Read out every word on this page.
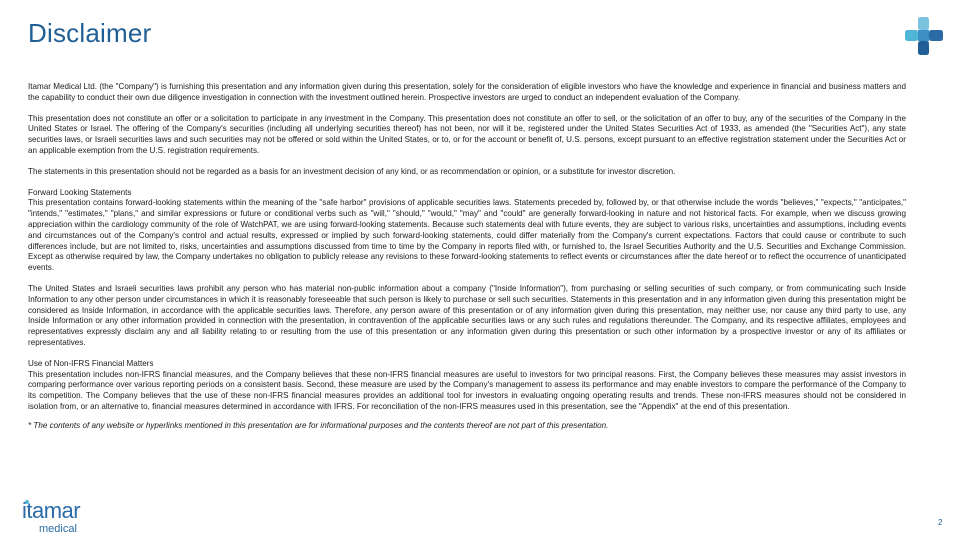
Disclaimer

Itamar Medical Ltd. (the "Company") is furnishing this presentation and any information given during this presentation, solely for the consideration of eligible investors who have the knowledge and experience in financial and business matters and the capability to conduct their own due diligence investigation in connection with the investment outlined herein. Prospective investors are urged to conduct an independent evaluation of the Company.

This presentation does not constitute an offer or a solicitation to participate in any investment in the Company. This presentation does not constitute an offer to sell, or the solicitation of an offer to buy, any of the securities of the Company in the United States or Israel. The offering of the Company's securities (including all underlying securities thereof) has not been, nor will it be, registered under the United States Securities Act of 1933, as amended (the "Securities Act"), any state securities laws, or Israeli securities laws and such securities may not be offered or sold within the United States, or to, or for the account or benefit of, U.S. persons, except pursuant to an effective registration statement under the Securities Act or an applicable exemption from the U.S. registration requirements.

The statements in this presentation should not be regarded as a basis for an investment decision of any kind, or as recommendation or opinion, or a substitute for investor discretion.

Forward Looking Statements

This presentation contains forward-looking statements within the meaning of the "safe harbor" provisions of applicable securities laws. Statements preceded by, followed by, or that otherwise include the words "believes," "expects," "anticipates," "intends," "estimates," "plans," and similar expressions or future or conditional verbs such as "will," "should," "would," "may" and "could" are generally forward-looking in nature and not historical facts. For example, when we discuss growing appreciation within the cardiology community of the role of WatchPAT, we are using forward-looking statements. Because such statements deal with future events, they are subject to various risks, uncertainties and assumptions, including events and circumstances out of the Company's control and actual results, expressed or implied by such forward-looking statements, could differ materially from the Company's current expectations. Factors that could cause or contribute to such differences include, but are not limited to, risks, uncertainties and assumptions discussed from time to time by the Company in reports filed with, or furnished to, the Israel Securities Authority and the U.S. Securities and Exchange Commission. Except as otherwise required by law, the Company undertakes no obligation to publicly release any revisions to these forward-looking statements to reflect events or circumstances after the date hereof or to reflect the occurrence of unanticipated events.

The United States and Israeli securities laws prohibit any person who has material non-public information about a company ("Inside Information"), from purchasing or selling securities of such company, or from communicating such Inside Information to any other person under circumstances in which it is reasonably foreseeable that such person is likely to purchase or sell such securities. Statements in this presentation and in any information given during this presentation might be considered as Inside Information, in accordance with the applicable securities laws. Therefore, any person aware of this presentation or of any information given during this presentation, may neither use, nor cause any third party to use, any Inside Information or any other information provided in connection with the presentation, in contravention of the applicable securities laws or any such rules and regulations thereunder. The Company, and its respective affiliates, employees and representatives expressly disclaim any and all liability relating to or resulting from the use of this presentation or any information given during this presentation or such other information by a prospective investor or any of its affiliates or representatives.

Use of Non-IFRS Financial Matters

This presentation includes non-IFRS financial measures, and the Company believes that these non-IFRS financial measures are useful to investors for two principal reasons. First, the Company believes these measures may assist investors in comparing performance over various reporting periods on a consistent basis. Second, these measure are used by the Company's management to assess its performance and may enable investors to compare the performance of the Company to its competition. The Company believes that the use of these non-IFRS financial measures provides an additional tool for investors in evaluating ongoing operating results and trends. These non-IFRS measures should not be considered in isolation from, or an alternative to, financial measures determined in accordance with IFRS. For reconciliation of the non-IFRS measures used in this presentation, see the "Appendix" at the end of this presentation.

* The contents of any website or hyperlinks mentioned in this presentation are for informational purposes and the contents thereof are not part of this presentation.

itamar
medical
2
